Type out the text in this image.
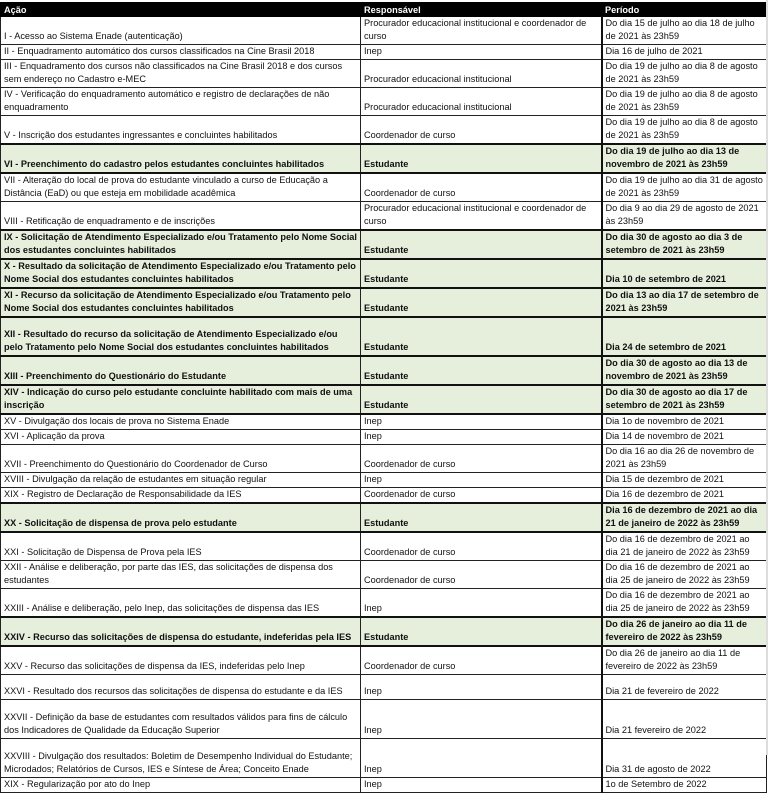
Ação	Responsável	Período
I - Acesso ao Sistema Enade (autenticação)	Procurador educacional institucional e coordenador de curso	Do dia 15 de julho ao dia 18 de julho de 2021 às 23h59
II - Enquadramento automático dos cursos classificados na Cine Brasil 2018	Inep	Dia 16 de julho de 2021
III - Enquadramento dos cursos não classificados na Cine Brasil 2018 e dos cursos sem endereço no Cadastro e-MEC	Procurador educacional institucional	Do dia 19 de julho ao dia 8 de agosto de 2021 às 23h59
IV - Verificação do enquadramento automático e registro de declarações de não enquadramento	Procurador educacional institucional	Do dia 19 de julho ao dia 8 de agosto de 2021 às 23h59
V - Inscrição dos estudantes ingressantes e concluintes habilitados	Coordenador de curso	Do dia 19 de julho ao dia 8 de agosto de 2021 às 23h59
VI - Preenchimento do cadastro pelos estudantes concluintes habilitados	Estudante	Do dia 19 de julho ao dia 13 de novembro de 2021 às 23h59
VII - Alteração do local de prova do estudante vinculado a curso de Educação a Distância (EaD) ou que esteja em mobilidade acadêmica	Coordenador de curso	Do dia 19 de julho ao dia 31 de agosto de 2021 às 23h59
VIII - Retificação de enquadramento e de inscrições	Procurador educacional institucional e coordenador de curso	Do dia 9 ao dia 29 de agosto de 2021 às 23h59
IX - Solicitação de Atendimento Especializado e/ou Tratamento pelo Nome Social dos estudantes concluintes habilitados	Estudante	Do dia 30 de agosto ao dia 3 de setembro de 2021 às 23h59
X - Resultado da solicitação de Atendimento Especializado e/ou Tratamento pelo Nome Social dos estudantes concluintes habilitados	Estudante	Dia 10 de setembro de 2021
XI - Recurso da solicitação de Atendimento Especializado e/ou Tratamento pelo Nome Social dos estudantes concluintes habilitados	Estudante	Do dia 13 ao dia 17 de setembro de 2021 às 23h59
XII - Resultado do recurso da solicitação de Atendimento Especializado e/ou pelo Tratamento pelo Nome Social dos estudantes concluintes habilitados	Estudante	Dia 24 de setembro de 2021
XIII - Preenchimento do Questionário do Estudante	Estudante	Do dia 30 de agosto ao dia 13 de novembro de 2021 às 23h59
XIV - Indicação do curso pelo estudante concluinte habilitado com mais de uma inscrição	Estudante	Do dia 30 de agosto ao dia 17 de setembro de 2021 às 23h59
XV - Divulgação dos locais de prova no Sistema Enade	Inep	Dia 1o de novembro de 2021
XVI - Aplicação da prova	Inep	Dia 14 de novembro de 2021
XVII - Preenchimento do Questionário do Coordenador de Curso	Coordenador de curso	Do dia 16 ao dia 26 de novembro de 2021 às 23h59
XVIII - Divulgação da relação de estudantes em situação regular	Inep	Dia 15 de dezembro de 2021
XIX - Registro de Declaração de Responsabilidade da IES	Coordenador de curso	Dia 16 de dezembro de 2021
XX - Solicitação de dispensa de prova pelo estudante	Estudante	Dia 16 de dezembro de 2021 ao dia 21 de janeiro de 2022 às 23h59
XXI - Solicitação de Dispensa de Prova pela IES	Coordenador de curso	Do dia 16 de dezembro de 2021 ao dia 21 de janeiro de 2022 às 23h59
XXII - Análise e deliberação, por parte das IES, das solicitações de dispensa dos estudantes	Coordenador de curso	Do dia 16 de dezembro de 2021 ao dia 25 de janeiro de 2022 às 23h59
XXIII - Análise e deliberação, pelo Inep, das solicitações de dispensa das IES	Inep	Do dia 16 de dezembro de 2021 ao dia 25 de janeiro de 2022 às 23h59
XXIV - Recurso das solicitações de dispensa do estudante, indeferidas pela IES	Estudante	Do dia 26 de janeiro ao dia 11 de fevereiro de 2022 às 23h59
XXV - Recurso das solicitações de dispensa da IES, indeferidas pelo Inep	Coordenador de curso	Do dia 26 de janeiro ao dia 11 de fevereiro de 2022 às 23h59
XXVI - Resultado dos recursos das solicitações de dispensa do estudante e da IES	Inep	Dia 21 de fevereiro de 2022
XXVII - Definição da base de estudantes com resultados válidos para fins de cálculo dos Indicadores de Qualidade da Educação Superior	Inep	Dia 21 fevereiro de 2022
XXVIII - Divulgação dos resultados: Boletim de Desempenho Individual do Estudante; Microdados; Relatórios de Cursos, IES e Síntese de Área; Conceito Enade	Inep	Dia 31 de agosto de 2022
XIX - Regularização por ato do Inep	Inep	1o de Setembro de 2022
